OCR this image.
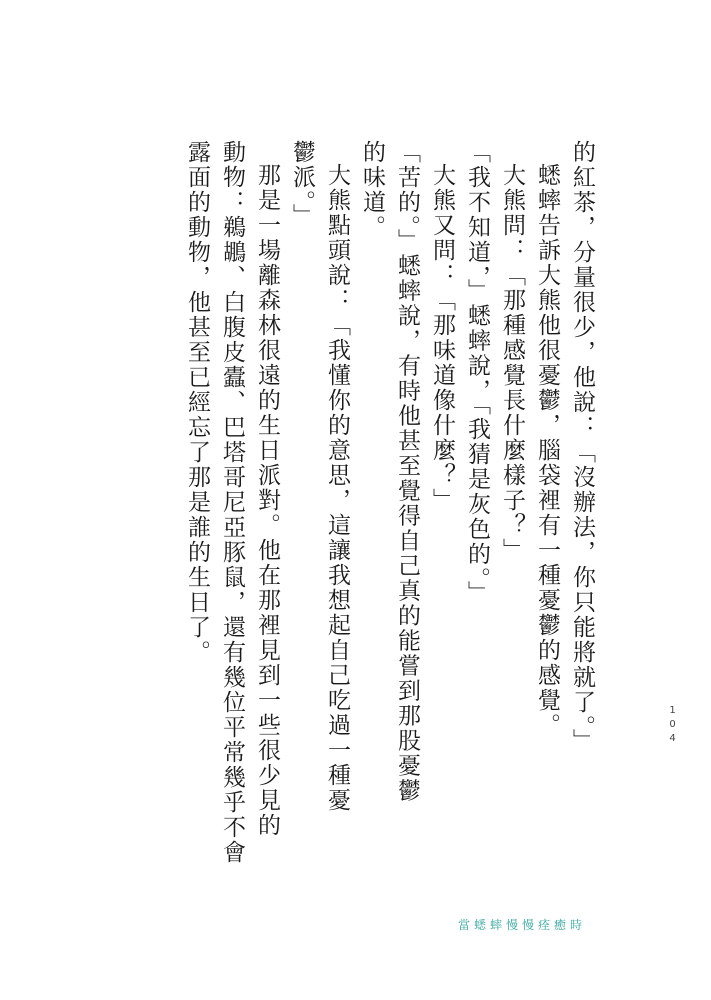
的紅茶，分量很少，他說：「沒辦法，你只能將就了。」

蟋蟀告訴大熊他很憂鬱，腦袋裡有一種憂鬱的感覺。

大熊問：「那種感覺長什麼樣子？」

「我不知道，」蟋蟀說，「我猜是灰色的。」

大熊又問：「那味道像什麼？」

「苦的。」蟋蟀說，有時他甚至覺得自己真的能嘗到那股憂鬱

的味道。

大熊點頭說：「我懂你的意思，這讓我想起自己吃過一種憂

鬱派。」

那是一場離森林很遠的生日派對。他在那裡見到一些很少見的

動物：鵜鶘、白腹皮蠹、巴塔哥尼亞豚鼠，還有幾位平常幾乎不會

露面的動物，他甚至已經忘了那是誰的生日了。

104
當蟋蟀慢慢痊癒時
